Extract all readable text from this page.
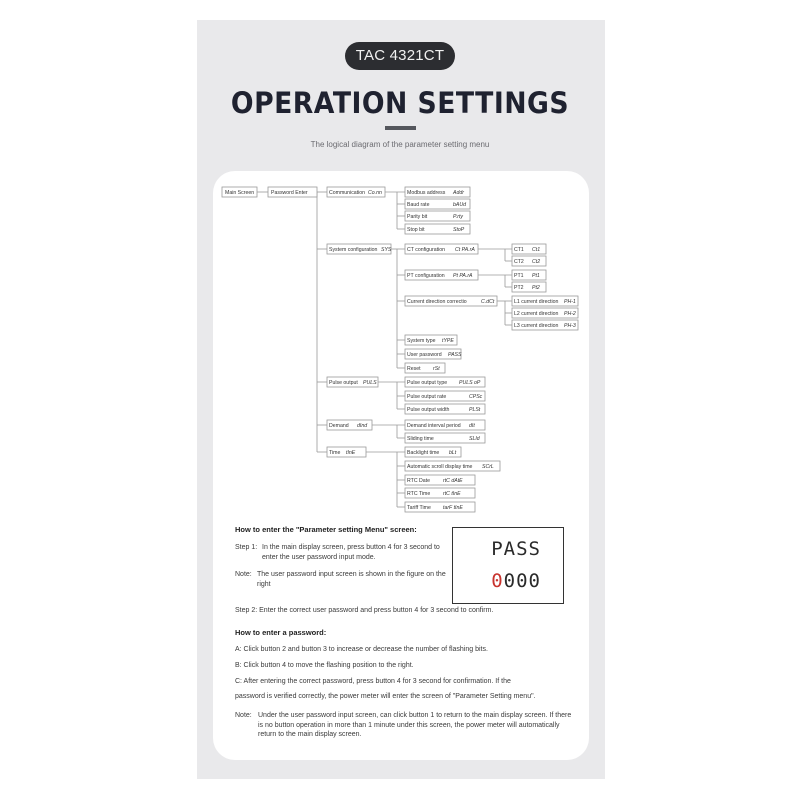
TAC 4321CT
OPERATION SETTINGS
The logical diagram of the parameter setting menu
Main Screen	Password Enter	Communication Co.nn	Modbus address Addr
Baud rate	bAUd
Parity bit	P.rty
Stop bit	StoP
System configuration SYS	CT configuration Ct PA.rA	CT1 Ct1
CT2 Ct2
PT configuration Pt PA.rA	PT1 Pt1
PT2 Pt2
Current direction correctio	C.dCt	L1 current direction PH-1
L2 current direction PH-2
L3 current direction PH-3
System type tYPE
User password PASS
Reset rSt
Pulse output PULS	Pulse output type PULS oP
Pulse output rate	CPSc
Pulse output width	PLSt
Demand dInd	Demand interval period dIt
Sliding time	SLId
Time tInE	Backlight time bLt
Automatic scroll display time SCrL
RTC Date	rtC dAtE
RTC Time rtC tInE
Tariff Time tarF tInE
How to enter the "Parameter setting Menu" screen:
Step 1: In the main display screen, press button 4 for 3 second to enter the user password input mode.
Note: The user password input screen is shown in the figure on the right
PASS
0000
Step 2: Enter the correct user password and press button 4 for 3 second to confirm.
How to enter a password:
A: Click button 2 and button 3 to increase or decrease the number of flashing bits.
B: Click button 4 to move the flashing position to the right.
C: After entering the correct password, press button 4 for 3 second for confirmation. If the
password is verified correctly, the power meter will enter the screen of "Parameter Setting menu".
Note: Under the user password input screen, can click button 1 to return to the main display screen. If there is no button operation in more than 1 minute under this screen, the power meter will automatically return to the main display screen.
